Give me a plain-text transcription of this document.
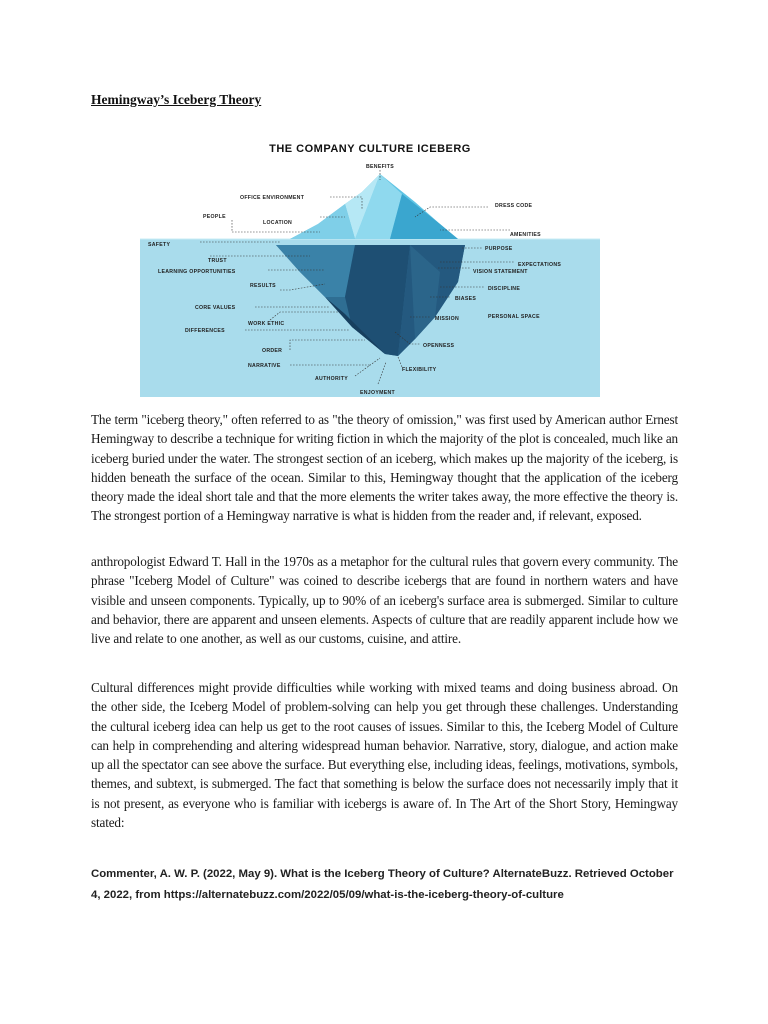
Hemingway’s Iceberg Theory
THE COMPANY CULTURE ICEBERG
BENEFITS
OFFICE ENVIRONMENT
DRESS CODE
PEOPLE
LOCATION
AMENITIES
SAFETY
PURPOSE
TRUST
EXPECTATIONS
LEARNING OPPORTUNITIES	VISION STATEMENT
RESULTS	DISCIPLINE
BIASES
CORE VALUES
PERSONAL SPACE
MISSION
WORK ETHIC
DIFFERENCES
OPENNESS
ORDER
NARRATIVE
FLEXIBILITY
AUTHORITY
ENJOYMENT

The term "iceberg theory," often referred to as "the theory of omission," was first used by American author Ernest Hemingway to describe a technique for writing fiction in which the majority of the plot is concealed, much like an iceberg buried under the water. The strongest section of an iceberg, which makes up the majority of the iceberg, is hidden beneath the surface of the ocean. Similar to this, Hemingway thought that the application of the iceberg theory made the ideal short tale and that the more elements the writer takes away, the more effective the theory is. The strongest portion of a Hemingway narrative is what is hidden from the reader and, if relevant, exposed.

anthropologist Edward T. Hall in the 1970s as a metaphor for the cultural rules that govern every community. The phrase "Iceberg Model of Culture" was coined to describe icebergs that are found in northern waters and have visible and unseen components. Typically, up to 90% of an iceberg's surface area is submerged. Similar to culture and behavior, there are apparent and unseen elements. Aspects of culture that are readily apparent include how we live and relate to one another, as well as our customs, cuisine, and attire.

Cultural differences might provide difficulties while working with mixed teams and doing business abroad. On the other side, the Iceberg Model of problem-solving can help you get through these challenges. Understanding the cultural iceberg idea can help us get to the root causes of issues. Similar to this, the Iceberg Model of Culture can help in comprehending and altering widespread human behavior. Narrative, story, dialogue, and action make up all the spectator can see above the surface. But everything else, including ideas, feelings, motivations, symbols, themes, and subtext, is submerged. The fact that something is below the surface does not necessarily imply that it is not present, as everyone who is familiar with icebergs is aware of. In The Art of the Short Story, Hemingway stated:

Commenter, A. W. P. (2022, May 9). What is the Iceberg Theory of Culture? AlternateBuzz. Retrieved October 4, 2022, from https://alternatebuzz.com/2022/05/09/what-is-the-iceberg-theory-of-culture
